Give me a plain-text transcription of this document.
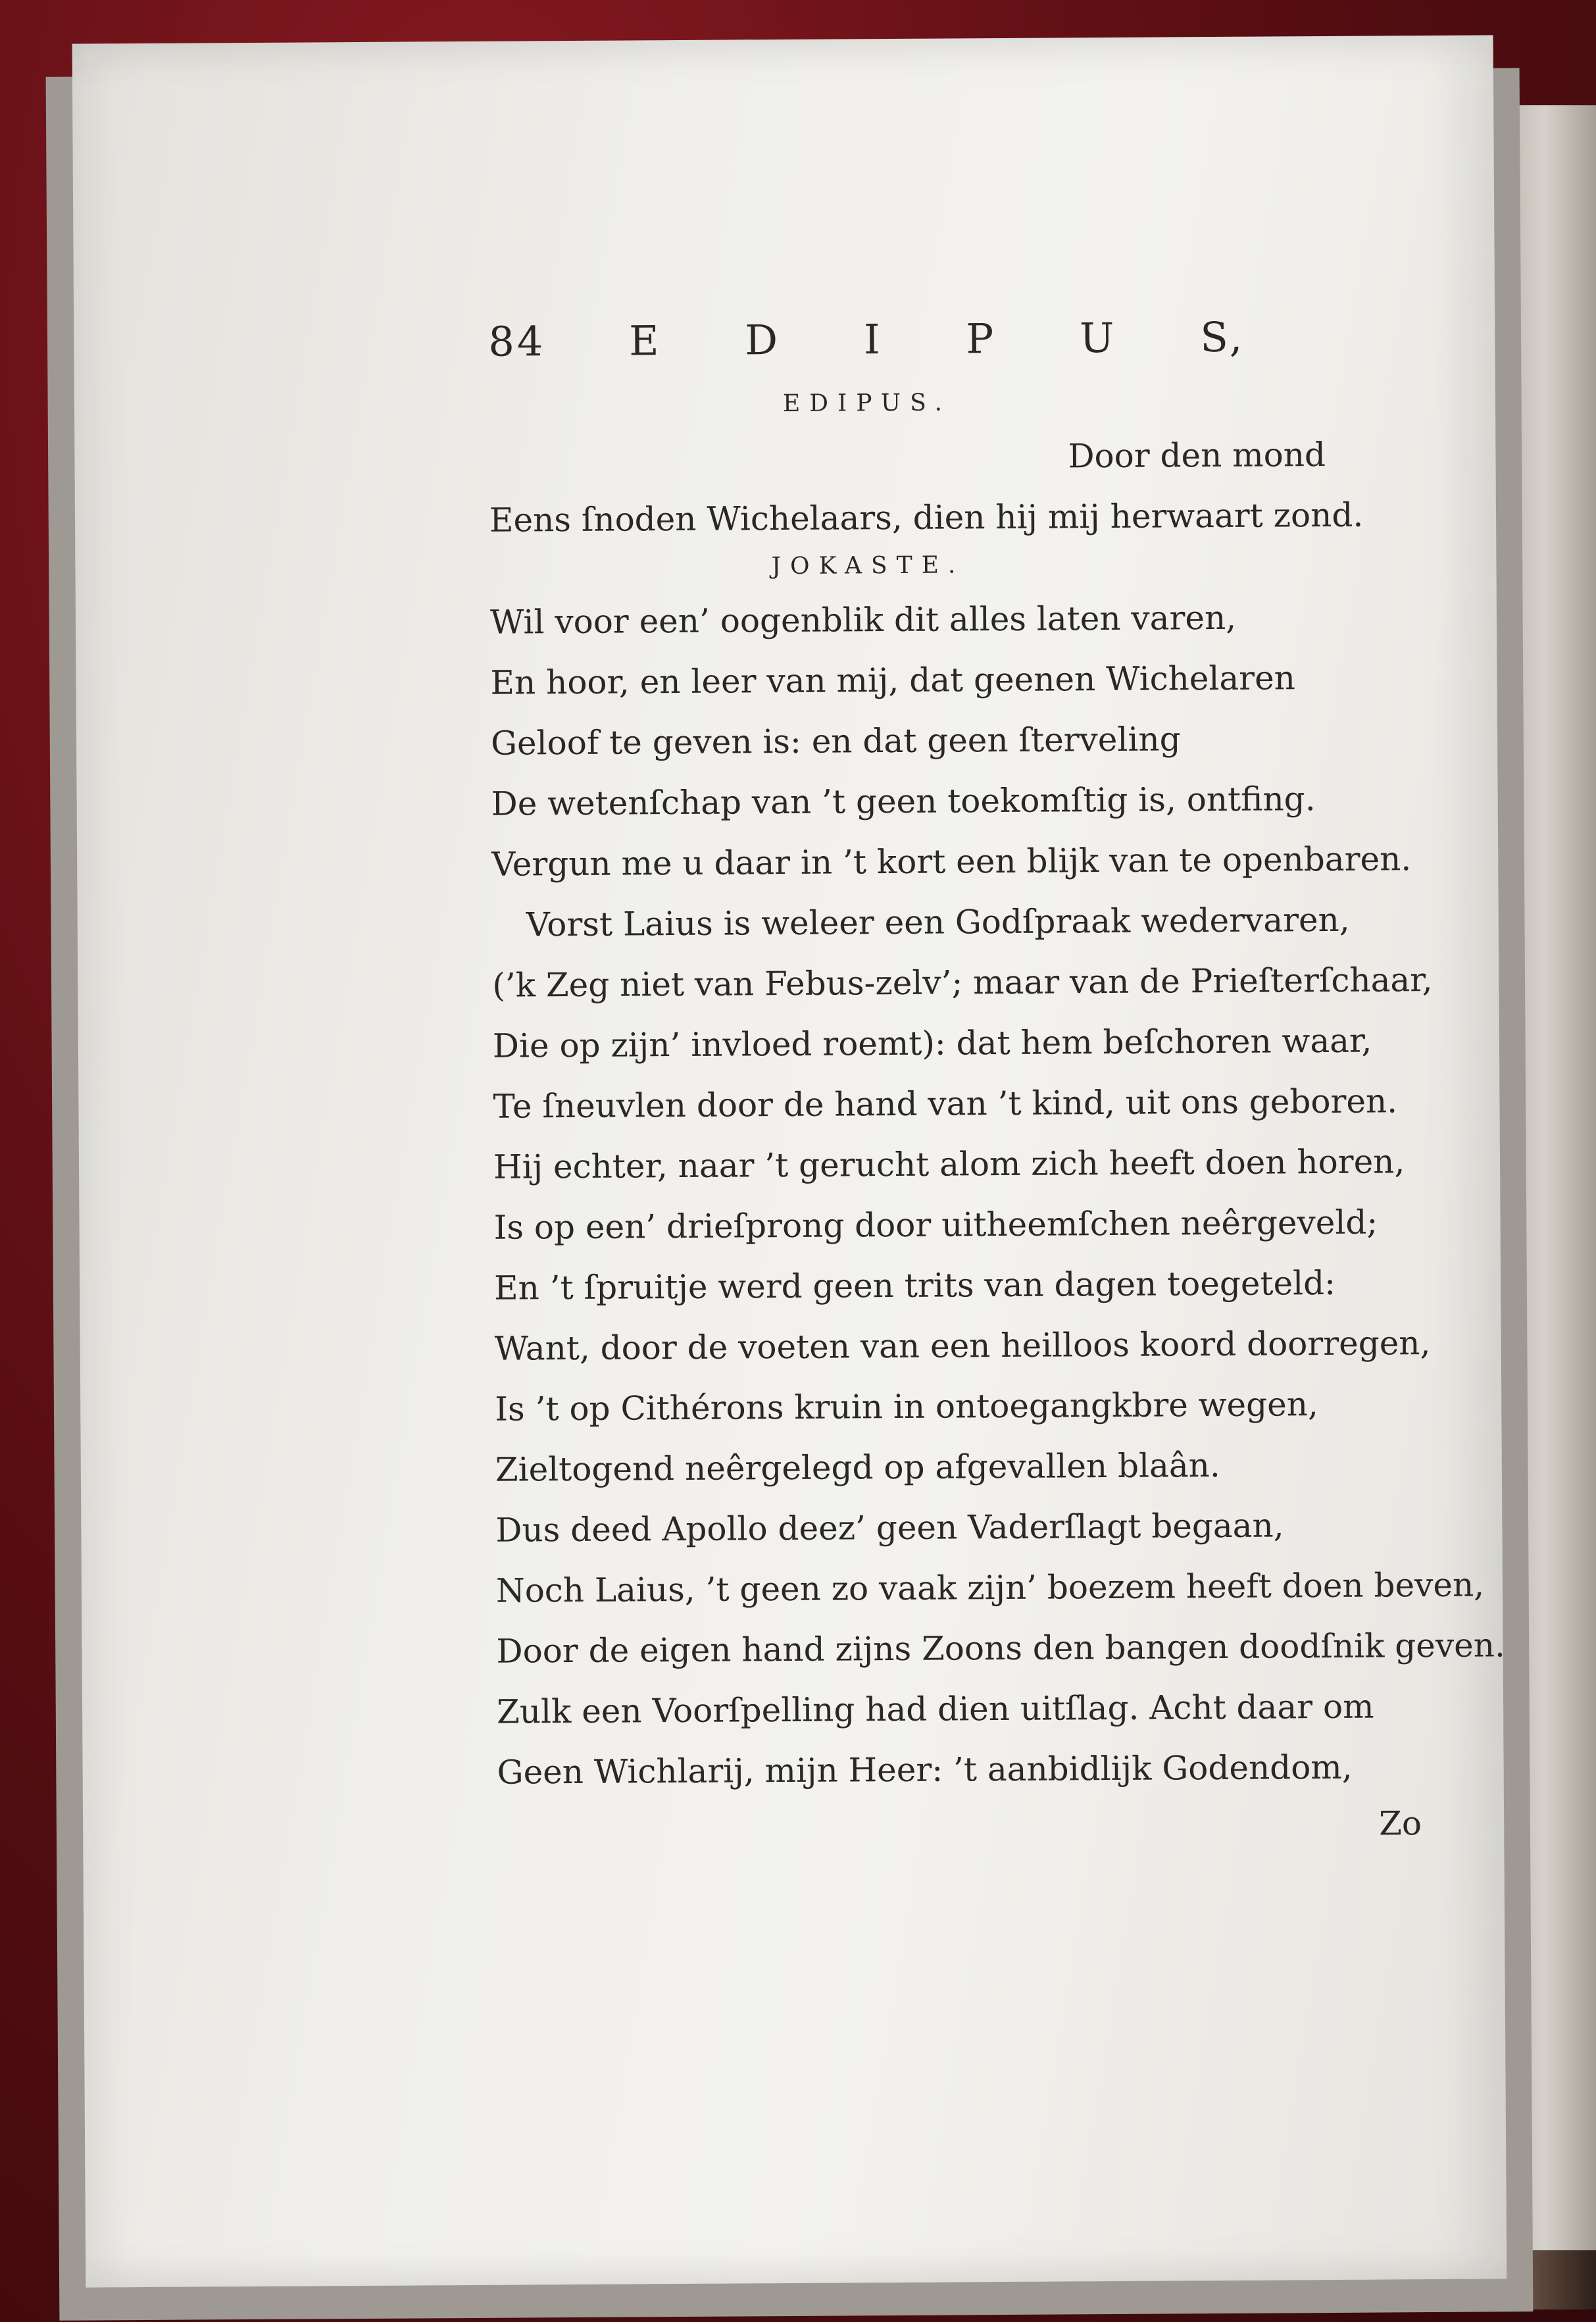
84 E D I P U S,
EDIPUS.
Door den mond
Eens ſnoden Wichelaars, dien hij mij herwaart zond.
JOKASTE.
Wil voor een’ oogenblik dit alles laten varen,
En hoor, en leer van mij, dat geenen Wichelaren
Geloof te geven is: en dat geen ſterveling
De wetenſchap van ’t geen toekomſtig is, ontfing.
Vergun me u daar in ’t kort een blijk van te openbaren.
Vorst Laius is weleer een Godſpraak wedervaren,
(’k Zeg niet van Febus-zelv’; maar van de Prieſterſchaar,
Die op zijn’ invloed roemt): dat hem beſchoren waar,
Te ſneuvlen door de hand van ’t kind, uit ons geboren.
Hij echter, naar ’t gerucht alom zich heeft doen horen,
Is op een’ drieſprong door uitheemſchen neêrgeveld;
En ’t ſpruitje werd geen trits van dagen toegeteld:
Want, door de voeten van een heilloos koord doorregen,
Is ’t op Cithérons kruin in ontoegangkbre wegen,
Zieltogend neêrgelegd op afgevallen blaân.
Dus deed Apollo deez’ geen Vaderſlagt begaan,
Noch Laius, ’t geen zo vaak zijn’ boezem heeft doen beven,
Door de eigen hand zijns Zoons den bangen doodſnik geven.
Zulk een Voorſpelling had dien uitſlag. Acht daar om
Geen Wichlarij, mijn Heer: ’t aanbidlijk Godendom,
Zo
